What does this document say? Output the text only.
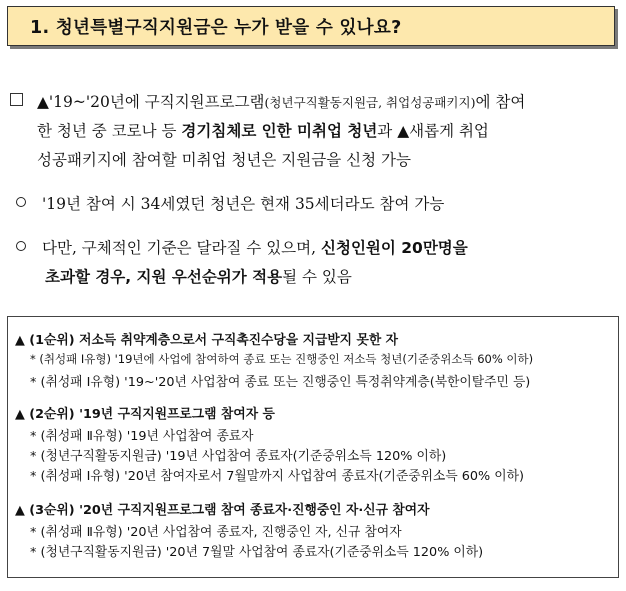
1. 청년특별구직지원금은 누가 받을 수 있나요?
▲'19~'20년에 구직지원프로그램(청년구직활동지원금, 취업성공패키지)에 참여
한 청년 중 코로나 등 경기침체로 인한 미취업 청년과 ▲새롭게 취업
성공패키지에 참여할 미취업 청년은 지원금을 신청 가능
'19년 참여 시 34세였던 청년은 현재 35세더라도 참여 가능
다만, 구체적인 기준은 달라질 수 있으며, 신청인원이 20만명을
초과할 경우, 지원 우선순위가 적용될 수 있음
▲ (1순위) 저소득 취약계층으로서 구직촉진수당을 지급받지 못한 자
* (취성패 Ⅰ유형) '19년에 사업에 참여하여 종료 또는 진행중인 저소득 청년(기준중위소득 60% 이하)
* (취성패 Ⅰ유형) '19~'20년 사업참여 종료 또는 진행중인 특정취약계층(북한이탈주민 등)
▲ (2순위) '19년 구직지원프로그램 참여자 등
* (취성패 Ⅱ유형) '19년 사업참여 종료자
* (청년구직활동지원금) '19년 사업참여 종료자(기준중위소득 120% 이하)
* (취성패 Ⅰ유형) '20년 참여자로서 7월말까지 사업참여 종료자(기준중위소득 60% 이하)
▲ (3순위) '20년 구직지원프로그램 참여 종료자·진행중인 자·신규 참여자
* (취성패 Ⅱ유형) '20년 사업참여 종료자, 진행중인 자, 신규 참여자
* (청년구직활동지원금) '20년 7월말 사업참여 종료자(기준중위소득 120% 이하)
